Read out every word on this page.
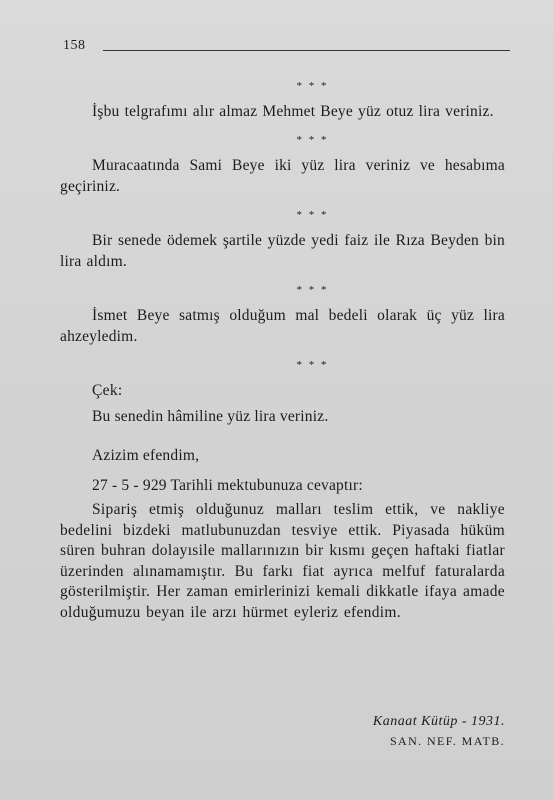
158
* * *

İşbu telgrafımı alır almaz Mehmet Beye yüz otuz lira veriniz.

* * *

Muracaatında Sami Beye iki yüz lira veriniz ve hesabıma geçiriniz.

* * *

Bir senede ödemek şartile yüzde yedi faiz ile Rıza Beyden bin lira aldım.

* * *

İsmet Beye satmış olduğum mal bedeli olarak üç yüz lira ahzeyledim.

* * *
Çek:
Bu senedin hâmiline yüz lira veriniz.
Azizim efendim,
27 - 5 - 929 Tarihli mektubunuza cevaptır:

Sipariş etmiş olduğunuz malları teslim ettik, ve nakliye bedelini bizdeki matlubunuzdan tesviye ettik. Piyasada hüküm süren buhran dolayısile mallarınızın bir kısmı geçen haftaki fiatlar üzerinden alınamamıştır. Bu farkı fiat ayrıca melfuf faturalarda gösterilmiştir. Her zaman emirlerinizi kemali dikkatle ifaya amade olduğumuzu beyan ile arzı hürmet eyleriz efendim.

Kanaat Kütüp - 1931.
SAN. NEF. MATB.
